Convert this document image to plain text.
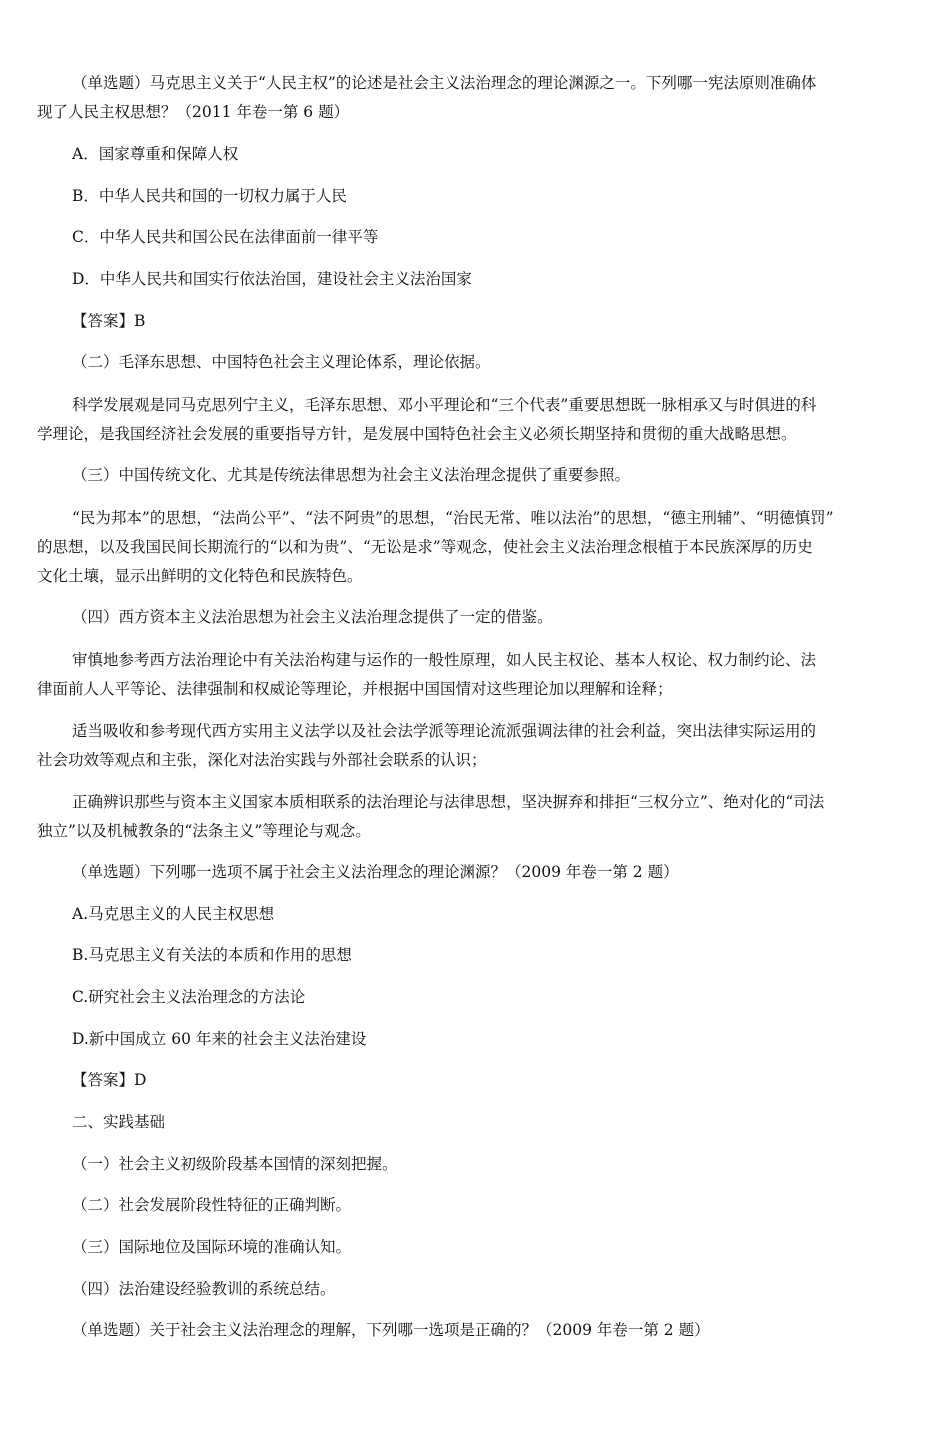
（单选题）马克思主义关于“人民主权”的论述是社会主义法治理念的理论渊源之一。下列哪一宪法原则准确体
现了人民主权思想？（2011 年卷一第 6 题）
A．国家尊重和保障人权
B．中华人民共和国的一切权力属于人民
C．中华人民共和国公民在法律面前一律平等
D．中华人民共和国实行依法治国，建设社会主义法治国家
【答案】B
（二）毛泽东思想、中国特色社会主义理论体系，理论依据。
科学发展观是同马克思列宁主义，毛泽东思想、邓小平理论和“三个代表”重要思想既一脉相承又与时俱进的科
学理论，是我国经济社会发展的重要指导方针，是发展中国特色社会主义必须长期坚持和贯彻的重大战略思想。
（三）中国传统文化、尤其是传统法律思想为社会主义法治理念提供了重要参照。
“民为邦本”的思想，“法尚公平”、“法不阿贵”的思想，“治民无常、唯以法治”的思想，“德主刑辅”、“明德慎罚”
的思想，以及我国民间长期流行的“以和为贵”、“无讼是求”等观念，使社会主义法治理念根植于本民族深厚的历史
文化土壤，显示出鲜明的文化特色和民族特色。
（四）西方资本主义法治思想为社会主义法治理念提供了一定的借鉴。
审慎地参考西方法治理论中有关法治构建与运作的一般性原理，如人民主权论、基本人权论、权力制约论、法
律面前人人平等论、法律强制和权威论等理论，并根据中国国情对这些理论加以理解和诠释；
适当吸收和参考现代西方实用主义法学以及社会法学派等理论流派强调法律的社会利益，突出法律实际运用的
社会功效等观点和主张，深化对法治实践与外部社会联系的认识；
正确辨识那些与资本主义国家本质相联系的法治理论与法律思想，坚决摒弃和排拒“三权分立”、绝对化的“司法
独立”以及机械教条的“法条主义”等理论与观念。
（单选题）下列哪一选项不属于社会主义法治理念的理论渊源？（2009 年卷一第 2 题）
A.马克思主义的人民主权思想
B.马克思主义有关法的本质和作用的思想
C.研究社会主义法治理念的方法论
D.新中国成立 60 年来的社会主义法治建设
【答案】D
二、实践基础
（一）社会主义初级阶段基本国情的深刻把握。
（二）社会发展阶段性特征的正确判断。
（三）国际地位及国际环境的准确认知。
（四）法治建设经验教训的系统总结。
（单选题）关于社会主义法治理念的理解，下列哪一选项是正确的？（2009 年卷一第 2 题）
